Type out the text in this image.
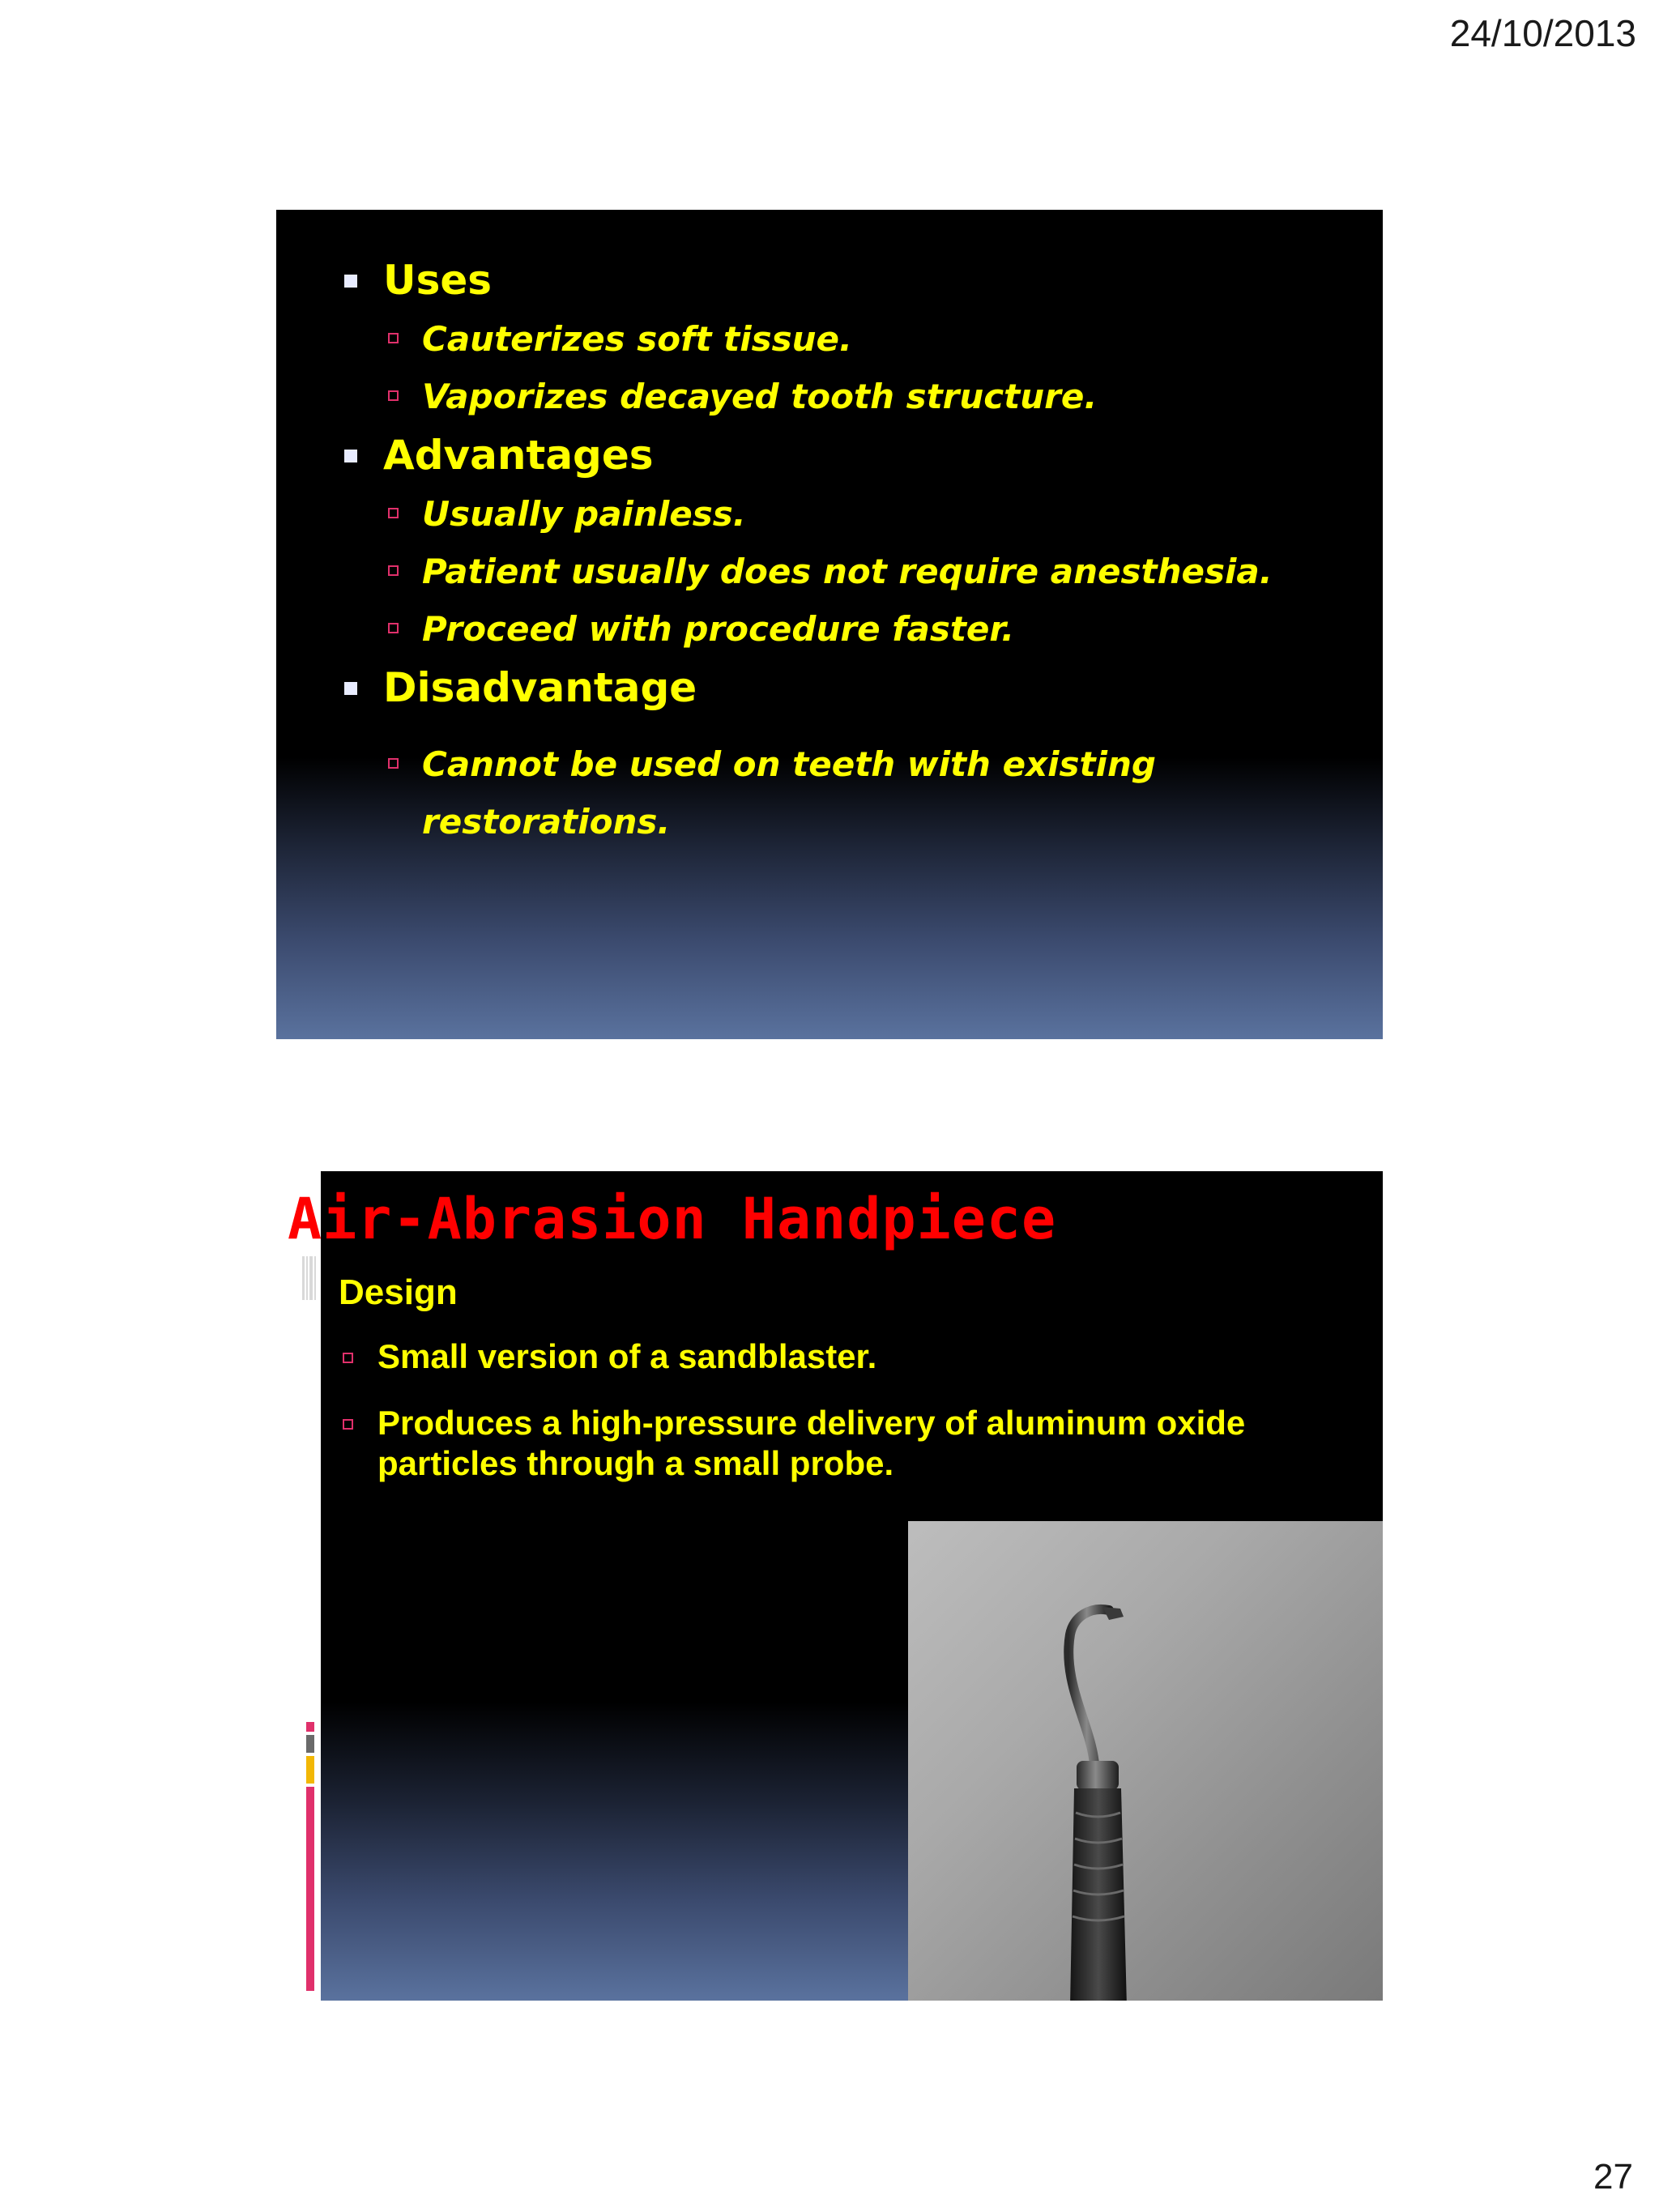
24/10/2013
Uses
Cauterizes soft tissue.
Vaporizes decayed tooth structure.
Advantages
Usually painless.
Patient usually does not require anesthesia.
Proceed with procedure faster.
Disadvantage
Cannot be used on teeth with existing restorations.
Air-Abrasion Handpiece
Design
Small version of a sandblaster.
Produces a high-pressure delivery of aluminum oxide particles through a small probe.
27
